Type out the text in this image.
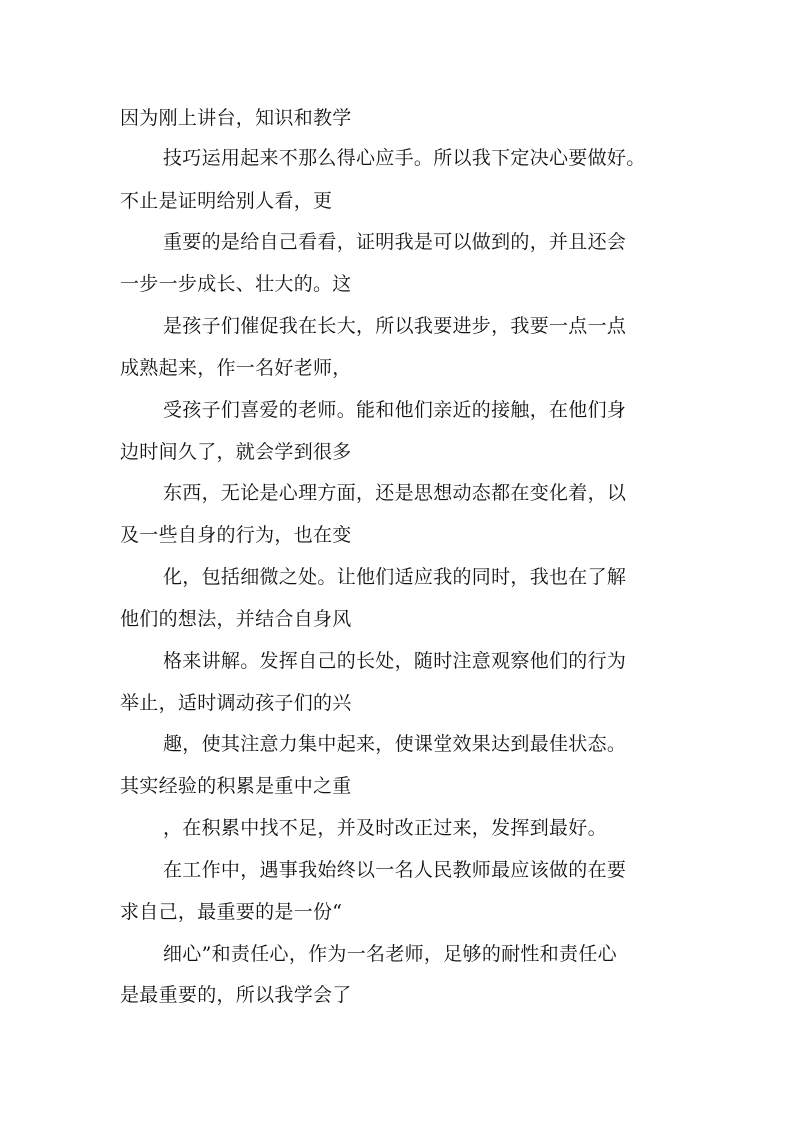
因为刚上讲台，知识和教学
技巧运用起来不那么得心应手。所以我下定决心要做好。
不止是证明给别人看，更
重要的是给自己看看，证明我是可以做到的，并且还会
一步一步成长、壮大的。这
是孩子们催促我在长大，所以我要进步，我要一点一点
成熟起来，作一名好老师，
受孩子们喜爱的老师。能和他们亲近的接触，在他们身
边时间久了，就会学到很多
东西，无论是心理方面，还是思想动态都在变化着，以
及一些自身的行为，也在变
化，包括细微之处。让他们适应我的同时，我也在了解
他们的想法，并结合自身风
格来讲解。发挥自己的长处，随时注意观察他们的行为
举止，适时调动孩子们的兴
趣，使其注意力集中起来，使课堂效果达到最佳状态。
其实经验的积累是重中之重
，在积累中找不足，并及时改正过来，发挥到最好。
在工作中，遇事我始终以一名人民教师最应该做的在要
求自己，最重要的是一份“
细心”和责任心，作为一名老师，足够的耐性和责任心
是最重要的，所以我学会了
